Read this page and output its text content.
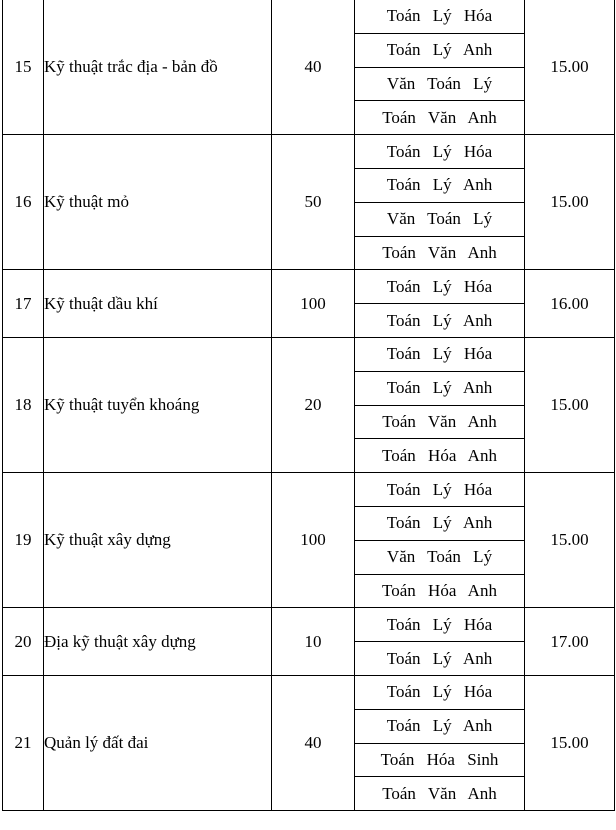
15	Kỹ thuật trắc địa - bản đồ	40	Toán Lý Hóa	15.00
			Toán Lý Anh	
			Văn Toán Lý	
			Toán Văn Anh	
16	Kỹ thuật mỏ	50	Toán Lý Hóa	15.00
			Toán Lý Anh	
			Văn Toán Lý	
			Toán Văn Anh	
17	Kỹ thuật dầu khí	100	Toán Lý Hóa	16.00
			Toán Lý Anh	
18	Kỹ thuật tuyển khoáng	20	Toán Lý Hóa	15.00
			Toán Lý Anh	
			Toán Văn Anh	
			Toán Hóa Anh	
19	Kỹ thuật xây dựng	100	Toán Lý Hóa	15.00
			Toán Lý Anh	
			Văn Toán Lý	
			Toán Hóa Anh	
20	Địa kỹ thuật xây dựng	10	Toán Lý Hóa	17.00
			Toán Lý Anh	
21	Quản lý đất đai	40	Toán Lý Hóa	15.00
			Toán Lý Anh	
			Toán Hóa Sinh	
			Toán Văn Anh	
